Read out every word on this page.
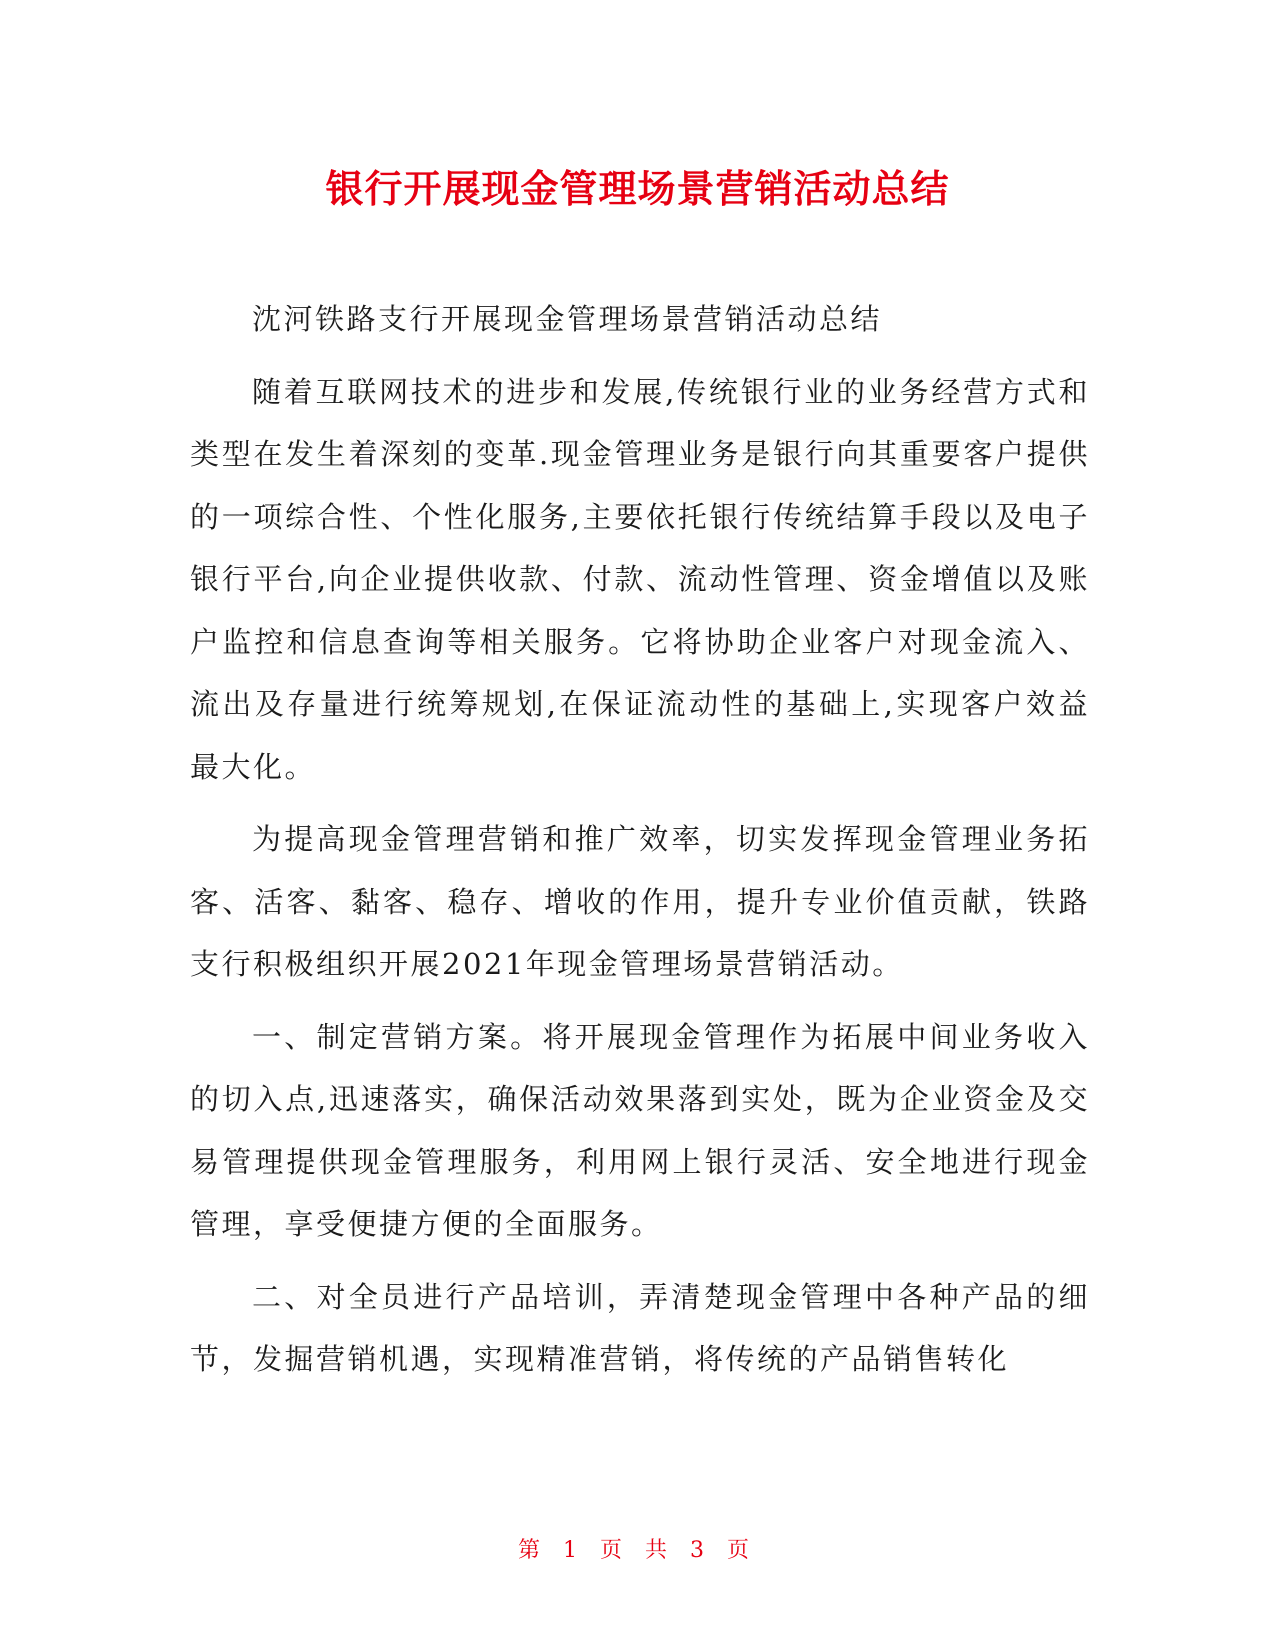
银行开展现金管理场景营销活动总结

沈河铁路支行开展现金管理场景营销活动总结

随着互联网技术的进步和发展,传统银行业的业务经营方式和类型在发生着深刻的变革.现金管理业务是银行向其重要客户提供的一项综合性、个性化服务,主要依托银行传统结算手段以及电子银行平台,向企业提供收款、付款、流动性管理、资金增值以及账户监控和信息查询等相关服务。它将协助企业客户对现金流入、流出及存量进行统筹规划,在保证流动性的基础上,实现客户效益最大化。

为提高现金管理营销和推广效率，切实发挥现金管理业务拓客、活客、黏客、稳存、增收的作用，提升专业价值贡献，铁路支行积极组织开展2021年现金管理场景营销活动。

一、制定营销方案。将开展现金管理作为拓展中间业务收入的切入点,迅速落实，确保活动效果落到实处，既为企业资金及交易管理提供现金管理服务，利用网上银行灵活、安全地进行现金管理，享受便捷方便的全面服务。

二、对全员进行产品培训，弄清楚现金管理中各种产品的细节，发掘营销机遇，实现精准营销，将传统的产品销售转化

第 1 页 共 3 页
